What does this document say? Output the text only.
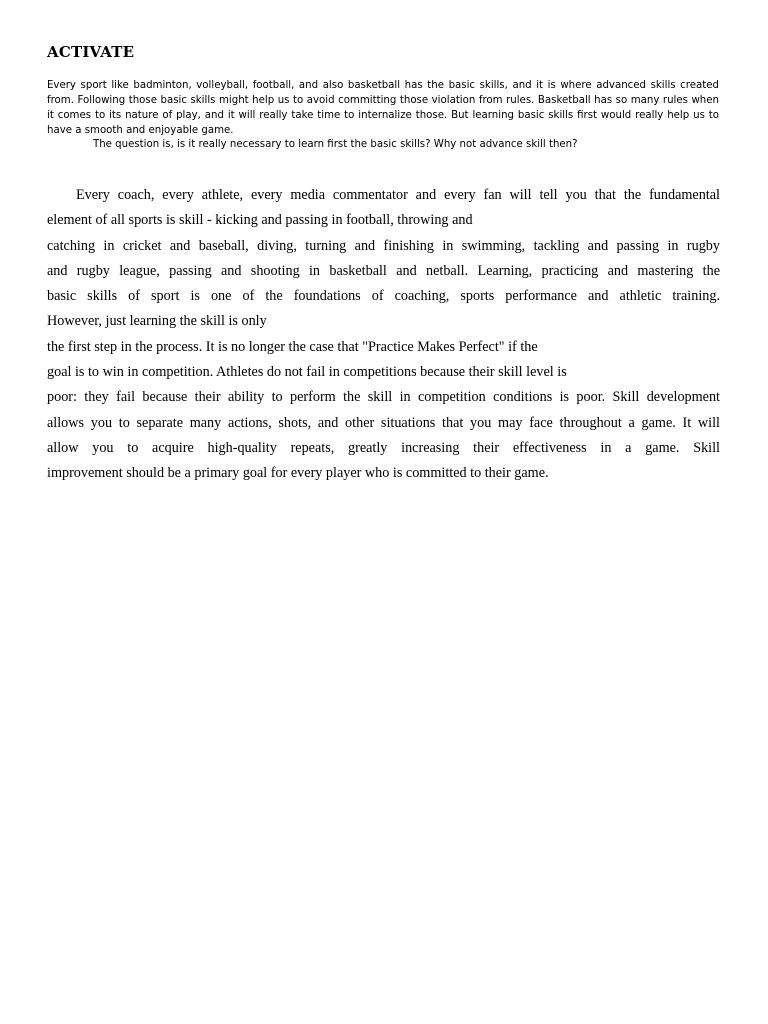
ACTIVATE

Every sport like badminton, volleyball, football, and also basketball has the basic skills, and it is where advanced skills created from. Following those basic skills might help us to avoid committing those violation from rules. Basketball has so many rules when it comes to its nature of play, and it will really take time to internalize those. But learning basic skills first would really help us to have a smooth and enjoyable game.

The question is, is it really necessary to learn first the basic skills? Why not advance skill then?

Every coach, every athlete, every media commentator and every fan will tell you that the fundamental
element of all sports is skill - kicking and passing in football, throwing and
catching in cricket and baseball, diving, turning and finishing in swimming, tackling and passing in rugby
and rugby league, passing and shooting in basketball and netball. Learning, practicing and mastering the
basic skills of sport is one of the foundations of coaching, sports performance and athletic training.
However, just learning the skill is only
the first step in the process. It is no longer the case that "Practice Makes Perfect" if the
goal is to win in competition. Athletes do not fail in competitions because their skill level is
poor: they fail because their ability to perform the skill in competition conditions is poor. Skill development
allows you to separate many actions, shots, and other situations that you may face throughout a game. It will
allow you to acquire high-quality repeats, greatly increasing their effectiveness in a game. Skill
improvement should be a primary goal for every player who is committed to their game.
